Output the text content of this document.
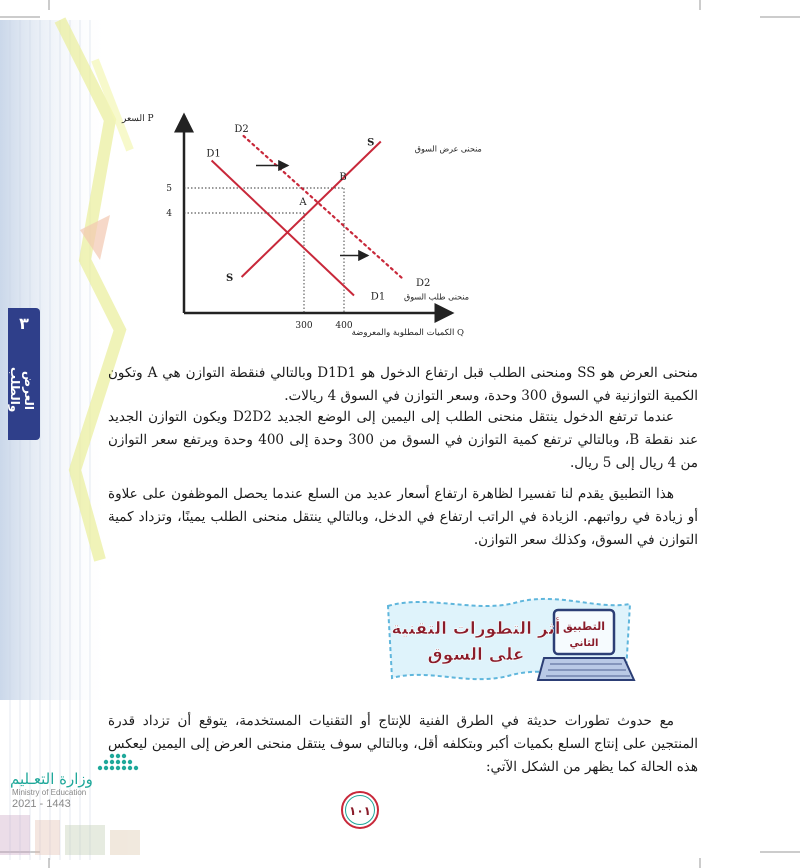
٣
العرض والطلب
السعر P
الكميات المطلوبة والمعروضة Q
A
B
4
5
300	400
S
S
منحنى عرض السوق
D1
D1 منحنى طلب السوق
D2
D2
منحنى العرض هو SS ومنحنى الطلب قبل ارتفاع الدخول هو D1D1 وبالتالي فنقطة التوازن هي A وتكون الكمية التوازنية في السوق 300 وحدة، وسعر التوازن في السوق 4 ريالات.
عندما ترتفع الدخول ينتقل منحنى الطلب إلى اليمين إلى الوضع الجديد D2D2 ويكون التوازن الجديد عند نقطة B، وبالتالي ترتفع كمية التوازن في السوق من 300 وحدة إلى 400 وحدة ويرتفع سعر التوازن من 4 ريال إلى 5 ريال.
هذا التطبيق يقدم لنا تفسيرا لظاهرة ارتفاع أسعار عديد من السلع عندما يحصل الموظفون على علاوة أو زيادة في رواتبهم. الزيادة في الراتب ارتفاع في الدخل، وبالتالي ينتقل منحنى الطلب يمينًا، وتزداد كمية التوازن في السوق، وكذلك سعر التوازن.
التطبيق
الثاني
أثر التطورات التقنية
على السوق
مع حدوث تطورات حديثة في الطرق الفنية للإنتاج أو التقنيات المستخدمة، يتوقع أن تزداد قدرة المنتجين على إنتاج السلع بكميات أكبر وبتكلفه أقل، وبالتالي سوف ينتقل منحنى العرض إلى اليمين ليعكس هذه الحالة كما يظهر من الشكل الآتي:
وزارة التعـليم
Ministry of Education
2021 - 1443	١٠١
